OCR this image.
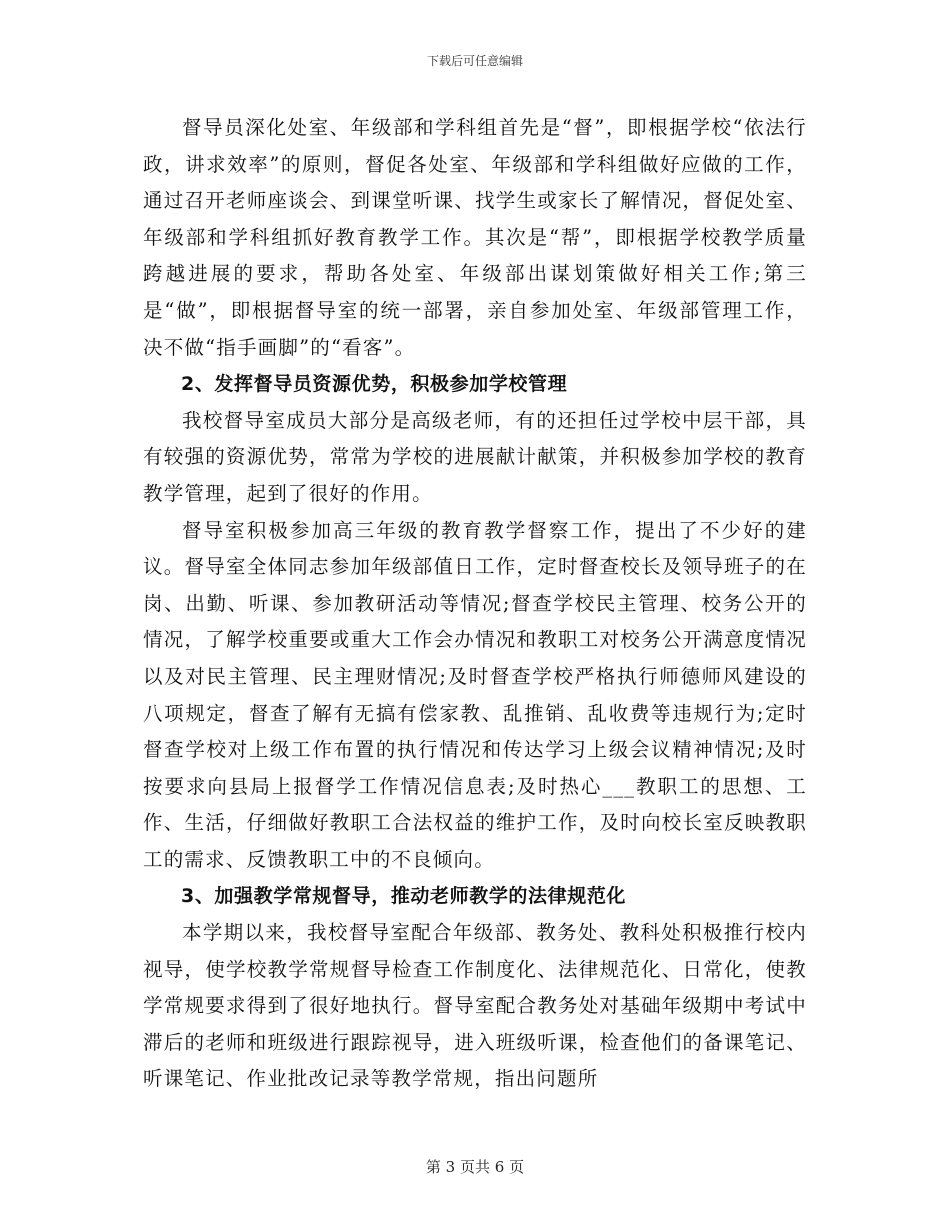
下载后可任意编辑

督导员深化处室、年级部和学科组首先是“督”，即根据学校“依法行政，讲求效率”的原则，督促各处室、年级部和学科组做好应做的工作，通过召开老师座谈会、到课堂听课、找学生或家长了解情况，督促处室、年级部和学科组抓好教育教学工作。其次是“帮”，即根据学校教学质量跨越进展的要求，帮助各处室、年级部出谋划策做好相关工作;第三是“做”，即根据督导室的统一部署，亲自参加处室、年级部管理工作，决不做“指手画脚”的“看客”。

2、发挥督导员资源优势，积极参加学校管理

我校督导室成员大部分是高级老师，有的还担任过学校中层干部，具有较强的资源优势，常常为学校的进展献计献策，并积极参加学校的教育教学管理，起到了很好的作用。

督导室积极参加高三年级的教育教学督察工作，提出了不少好的建议。督导室全体同志参加年级部值日工作，定时督查校长及领导班子的在岗、出勤、听课、参加教研活动等情况;督查学校民主管理、校务公开的情况，了解学校重要或重大工作会办情况和教职工对校务公开满意度情况以及对民主管理、民主理财情况;及时督查学校严格执行师德师风建设的八项规定，督查了解有无搞有偿家教、乱推销、乱收费等违规行为;定时督查学校对上级工作布置的执行情况和传达学习上级会议精神情况;及时按要求向县局上报督学工作情况信息表;及时热心___教职工的思想、工作、生活，仔细做好教职工合法权益的维护工作，及时向校长室反映教职工的需求、反馈教职工中的不良倾向。

3、加强教学常规督导，推动老师教学的法律规范化

本学期以来，我校督导室配合年级部、教务处、教科处积极推行校内视导，使学校教学常规督导检查工作制度化、法律规范化、日常化，使教学常规要求得到了很好地执行。督导室配合教务处对基础年级期中考试中滞后的老师和班级进行跟踪视导，进入班级听课，检查他们的备课笔记、听课笔记、作业批改记录等教学常规，指出问题所

第 3 页共 6 页
